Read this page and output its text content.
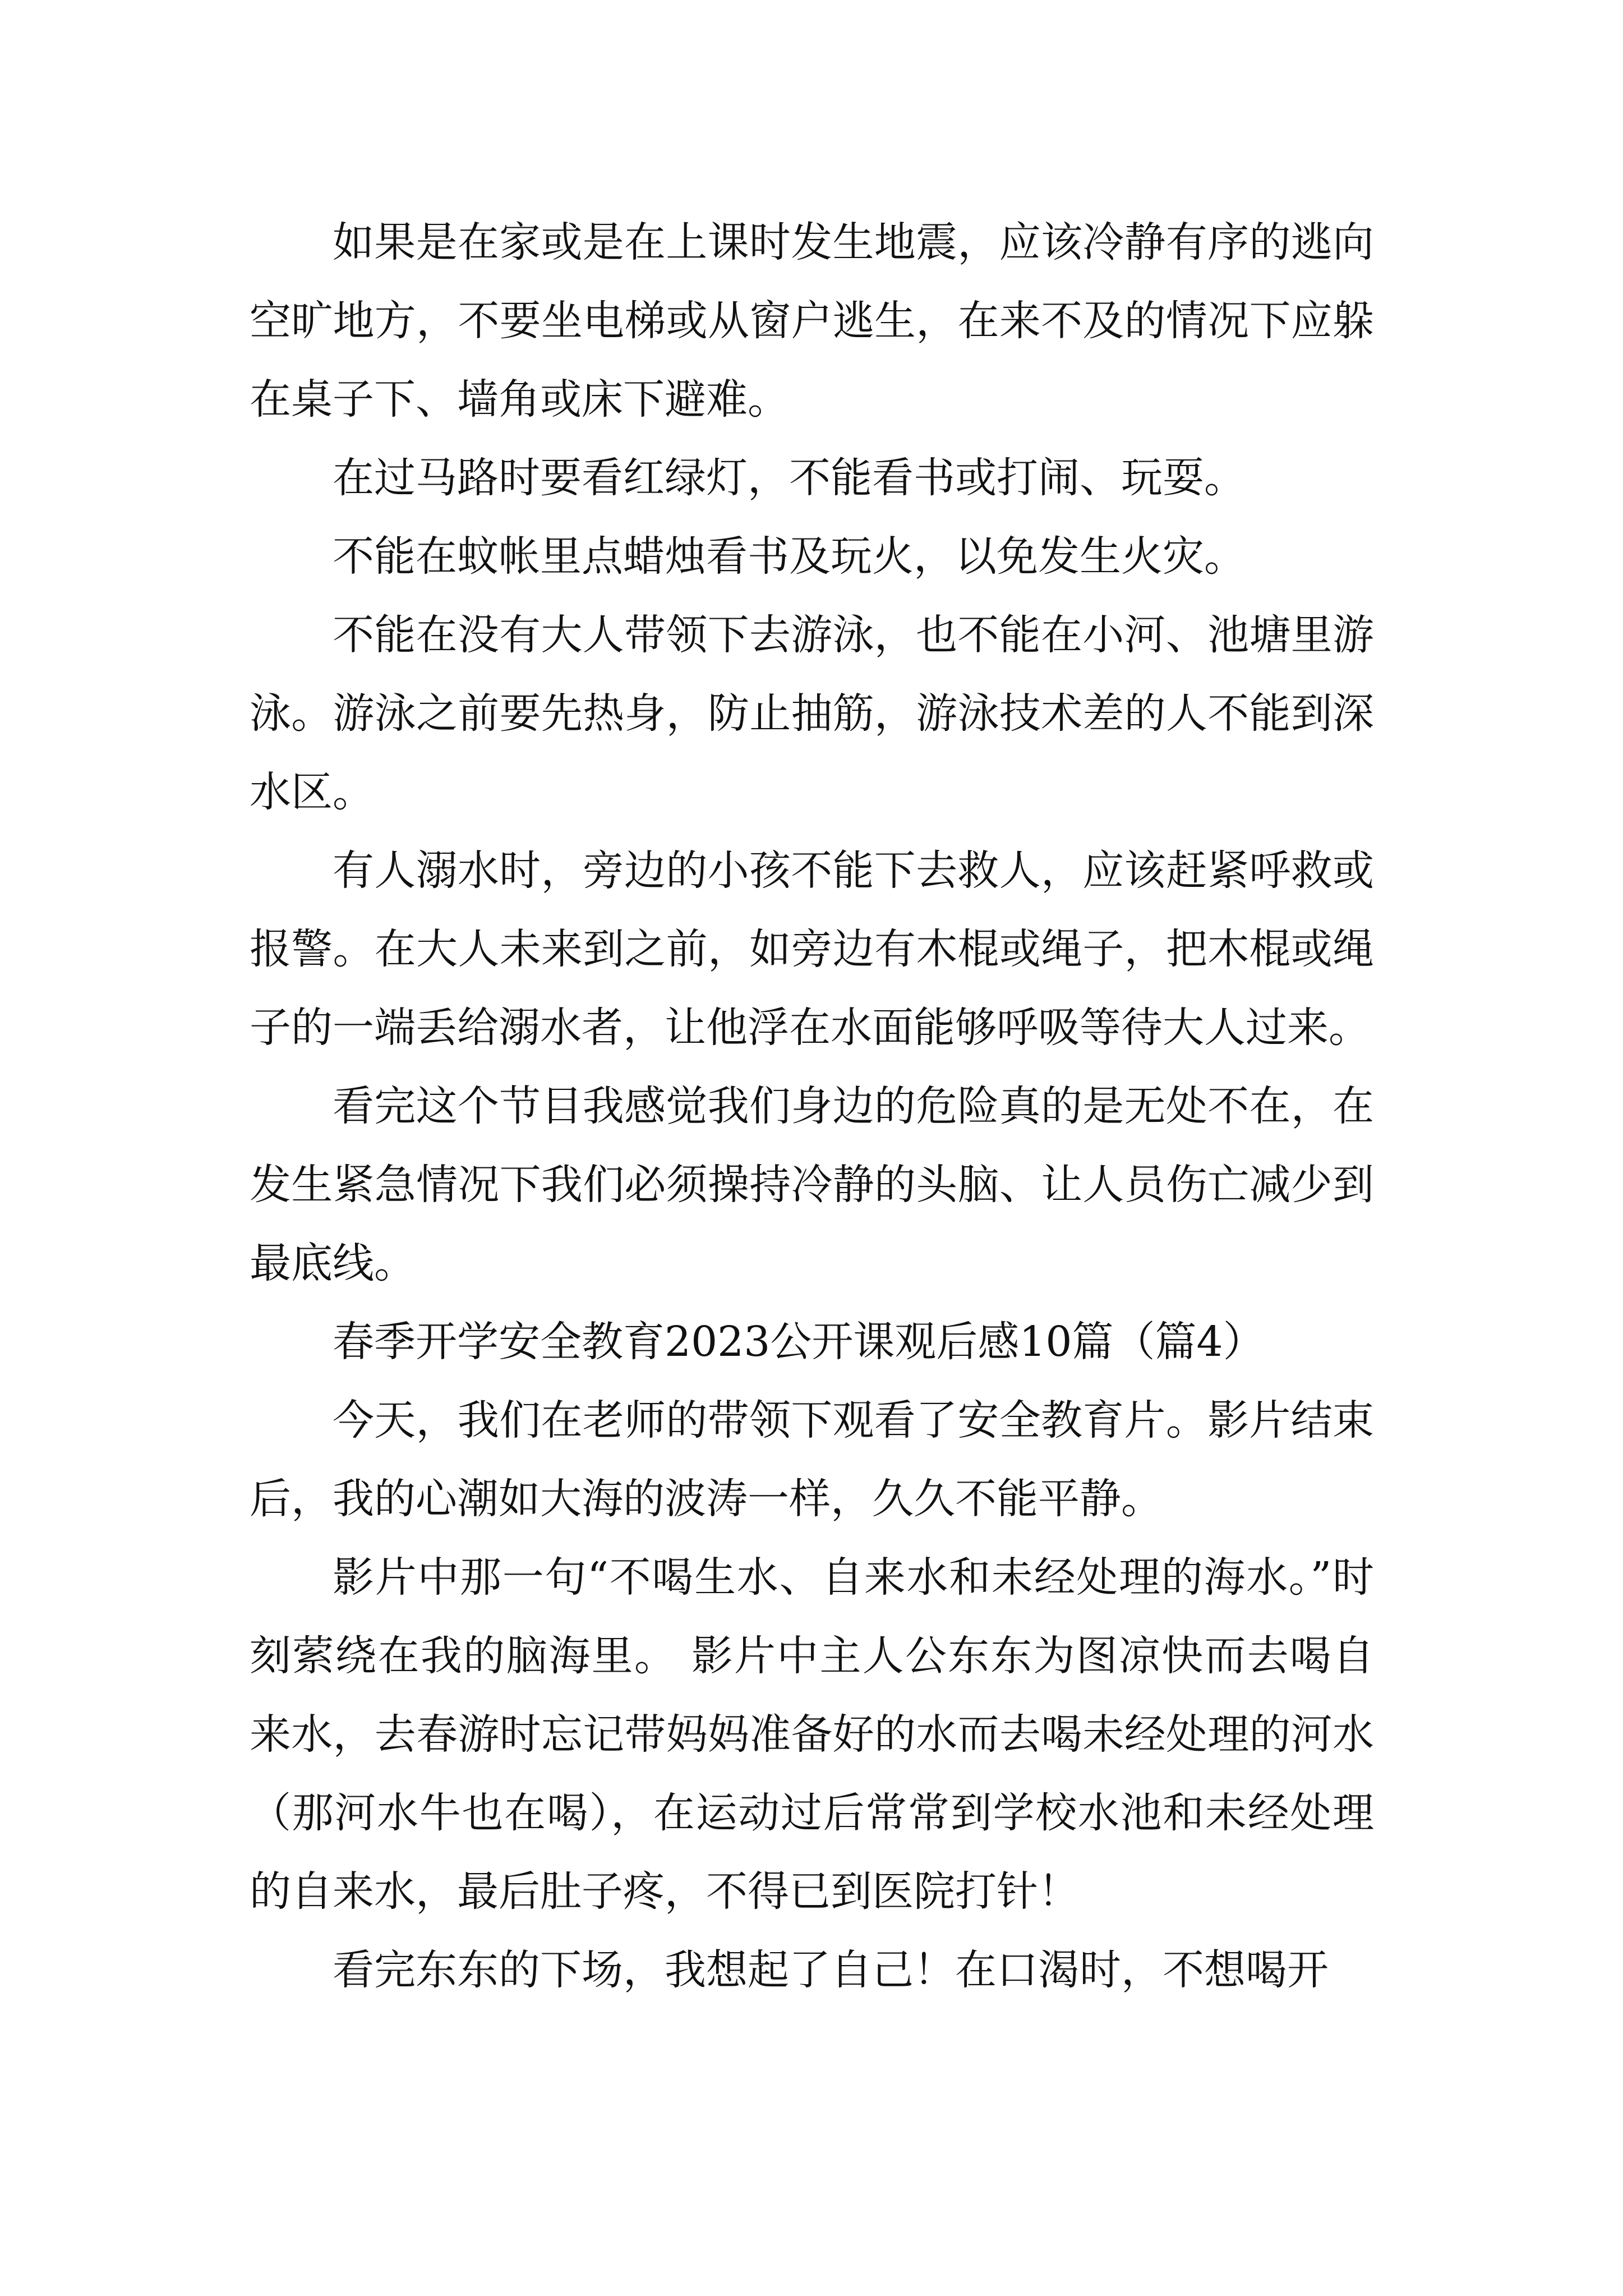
如果是在家或是在上课时发生地震，应该冷静有序的逃向空旷地方，不要坐电梯或从窗户逃生，在来不及的情况下应躲在桌子下、墙角或床下避难。

在过马路时要看红绿灯，不能看书或打闹、玩耍。

不能在蚊帐里点蜡烛看书及玩火，以免发生火灾。

不能在没有大人带领下去游泳，也不能在小河、池塘里游泳。游泳之前要先热身，防止抽筋，游泳技术差的人不能到深水区。

有人溺水时，旁边的小孩不能下去救人，应该赶紧呼救或报警。在大人未来到之前，如旁边有木棍或绳子，把木棍或绳子的一端丢给溺水者，让他浮在水面能够呼吸等待大人过来。

看完这个节目我感觉我们身边的危险真的是无处不在，在发生紧急情况下我们必须操持冷静的头脑、让人员伤亡减少到最底线。

春季开学安全教育2023公开课观后感10篇（篇4）

今天，我们在老师的带领下观看了安全教育片。影片结束后，我的心潮如大海的波涛一样，久久不能平静。

影片中那一句“不喝生水、自来水和未经处理的海水。”时刻萦绕在我的脑海里。 影片中主人公东东为图凉快而去喝自来水，去春游时忘记带妈妈准备好的水而去喝未经处理的河水（那河水牛也在喝），在运动过后常常到学校水池和未经处理的自来水，最后肚子疼，不得已到医院打针！

看完东东的下场，我想起了自己！在口渴时，不想喝开
